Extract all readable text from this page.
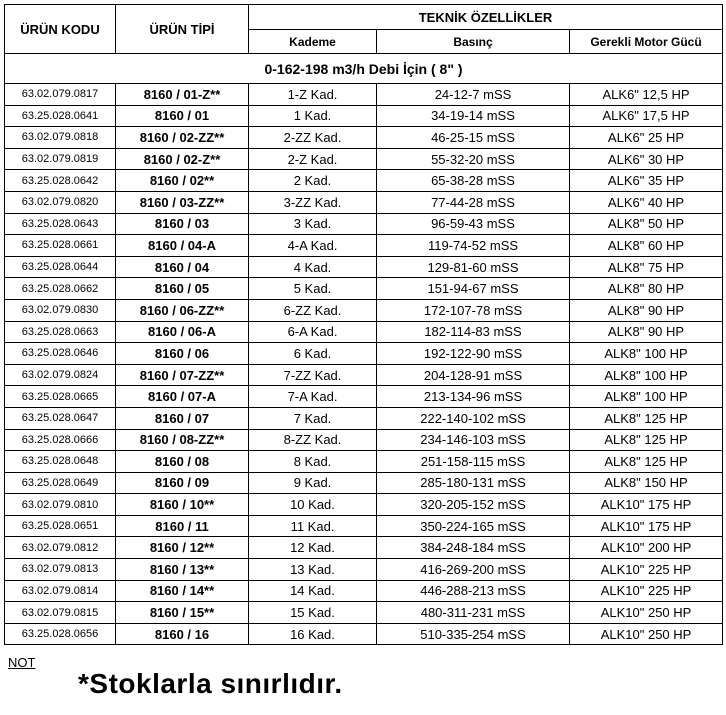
ÜRÜN KODU	ÜRÜN TİPİ	TEKNİK ÖZELLİKLER		
		Kademe	Basınç	Gerekli Motor Gücü
0-162-198 m3/h Debi İçin ( 8" )				
63.02.079.0817	8160 / 01-Z**	1-Z Kad.	24-12-7 mSS	ALK6" 12,5 HP
63.25.028.0641	8160 / 01	1 Kad.	34-19-14 mSS	ALK6" 17,5 HP
63.02.079.0818	8160 / 02-ZZ**	2-ZZ Kad.	46-25-15 mSS	ALK6" 25 HP
63.02.079.0819	8160 / 02-Z**	2-Z Kad.	55-32-20 mSS	ALK6" 30 HP
63.25.028.0642	8160 / 02**	2 Kad.	65-38-28 mSS	ALK6" 35 HP
63.02.079.0820	8160 / 03-ZZ**	3-ZZ Kad.	77-44-28 mSS	ALK6" 40 HP
63.25.028.0643	8160 / 03	3 Kad.	96-59-43 mSS	ALK8" 50 HP
63.25.028.0661	8160 / 04-A	4-A Kad.	119-74-52 mSS	ALK8" 60 HP
63.25.028.0644	8160 / 04	4 Kad.	129-81-60 mSS	ALK8" 75 HP
63.25.028.0662	8160 / 05	5 Kad.	151-94-67 mSS	ALK8" 80 HP
63.02.079.0830	8160 / 06-ZZ**	6-ZZ Kad.	172-107-78 mSS	ALK8" 90 HP
63.25.028.0663	8160 / 06-A	6-A Kad.	182-114-83 mSS	ALK8" 90 HP
63.25.028.0646	8160 / 06	6 Kad.	192-122-90 mSS	ALK8" 100 HP
63.02.079.0824	8160 / 07-ZZ**	7-ZZ Kad.	204-128-91 mSS	ALK8" 100 HP
63.25.028.0665	8160 / 07-A	7-A Kad.	213-134-96 mSS	ALK8" 100 HP
63.25.028.0647	8160 / 07	7 Kad.	222-140-102 mSS	ALK8" 125 HP
63.25.028.0666	8160 / 08-ZZ**	8-ZZ Kad.	234-146-103 mSS	ALK8" 125 HP
63.25.028.0648	8160 / 08	8 Kad.	251-158-115 mSS	ALK8" 125 HP
63.25.028.0649	8160 / 09	9 Kad.	285-180-131 mSS	ALK8" 150 HP
63.02.079.0810	8160 / 10**	10 Kad.	320-205-152 mSS	ALK10" 175 HP
63.25.028.0651	8160 / 11	11 Kad.	350-224-165 mSS	ALK10" 175 HP
63.02.079.0812	8160 / 12**	12 Kad.	384-248-184 mSS	ALK10" 200 HP
63.02.079.0813	8160 / 13**	13 Kad.	416-269-200 mSS	ALK10" 225 HP
63.02.079.0814	8160 / 14**	14 Kad.	446-288-213 mSS	ALK10" 225 HP
63.02.079.0815	8160 / 15**	15 Kad.	480-311-231 mSS	ALK10" 250 HP
63.25.028.0656	8160 / 16	16 Kad.	510-335-254 mSS	ALK10" 250 HP
NOT
*Stoklarla sınırlıdır.
